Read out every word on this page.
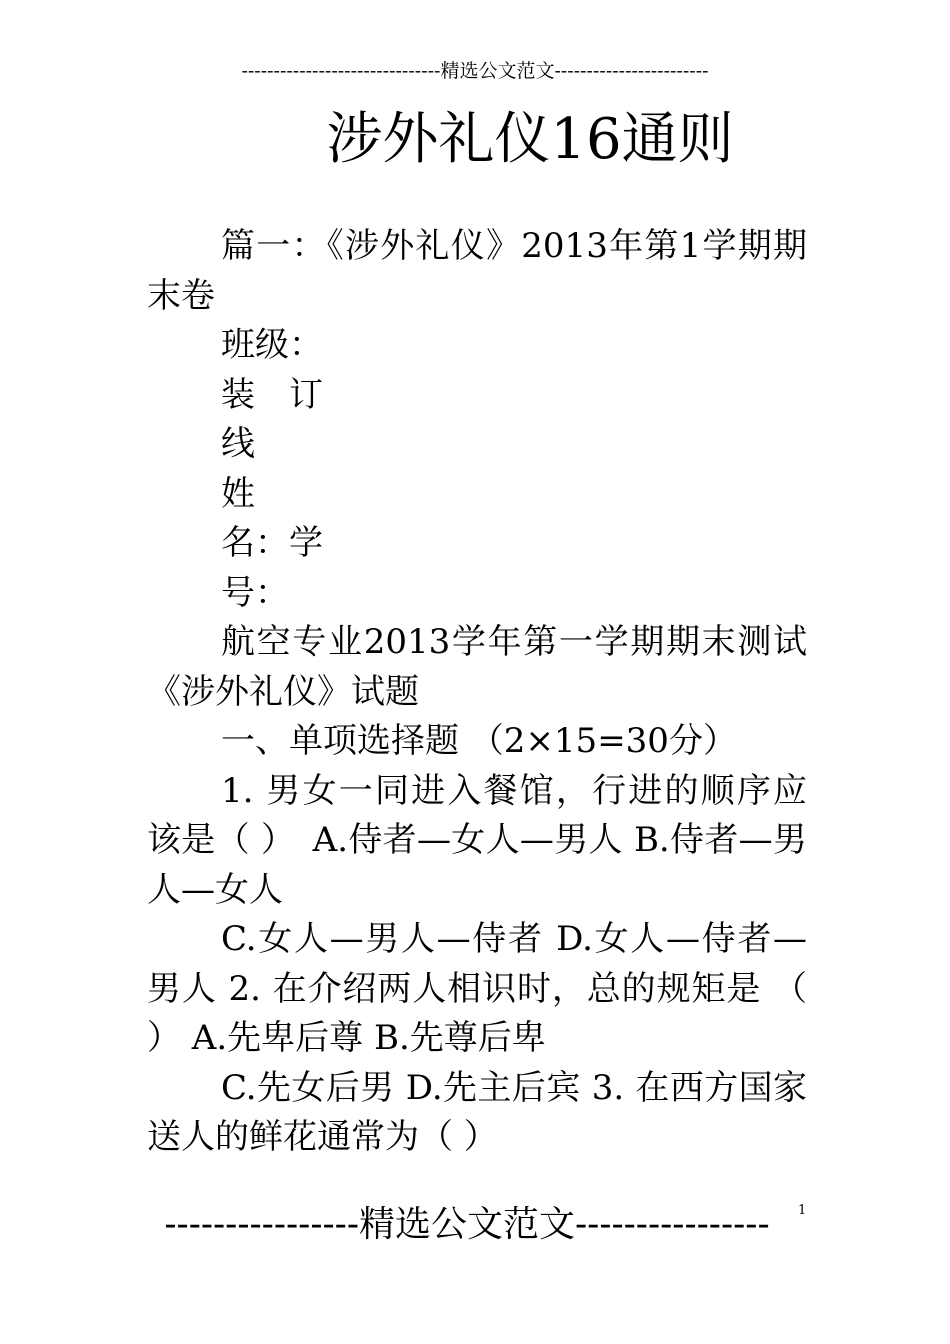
-------------------------------精选公文范文------------------------
涉外礼仪16通则

篇一：《涉外礼仪》2013年第1学期期末卷

班级：

装　订

线

姓

名：学

号：

航空专业2013学年第一学期期末测试 《涉外礼仪》试题

一、单项选择题 （2×15=30分）

1. 男女一同进入餐馆，行进的顺序应该是（ ）　A.侍者—女人—男人 B.侍者—男人—女人

C.女人—男人—侍者 D.女人—侍者—男人 2. 在介绍两人相识时，总的规矩是 （ ） A.先卑后尊 B.先尊后卑

C.先女后男 D.先主后宾 3. 在西方国家送人的鲜花通常为（ ）

----------------精选公文范文----------------	1
